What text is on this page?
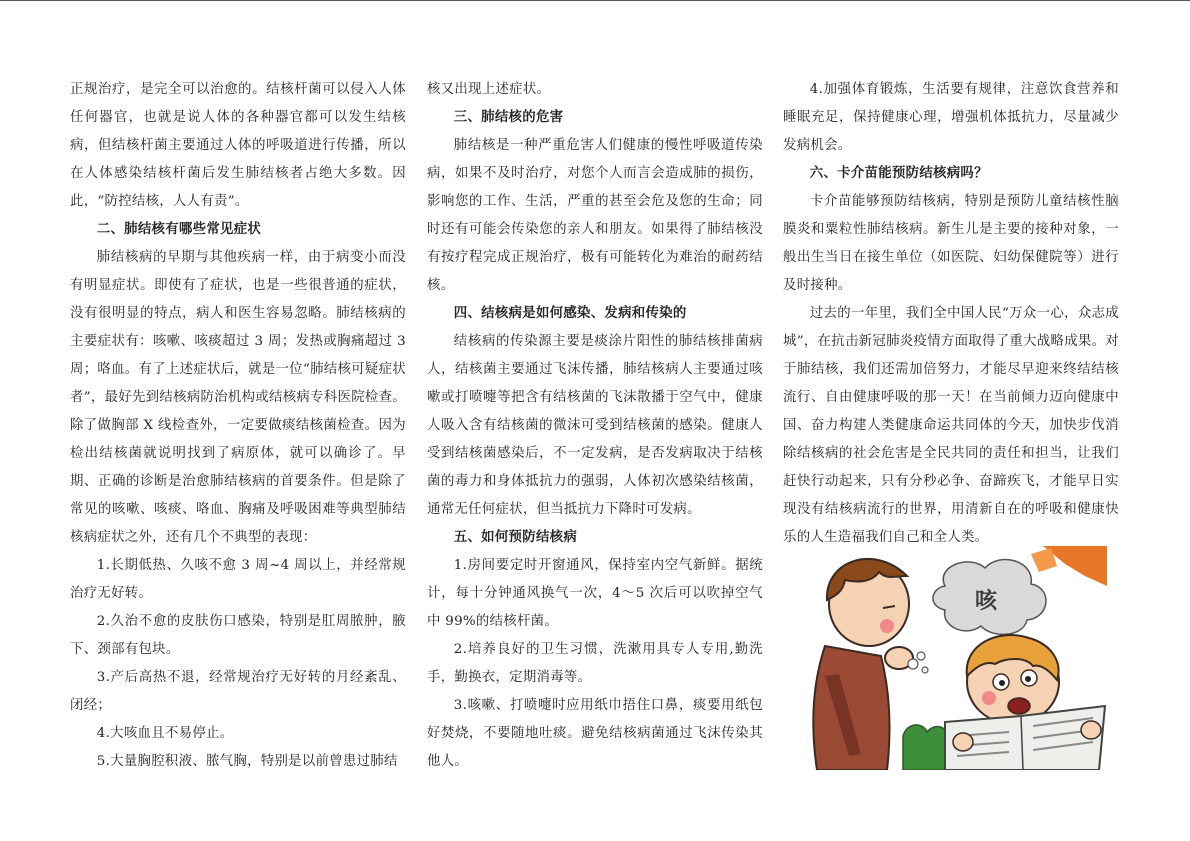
正规治疗，是完全可以治愈的。结核杆菌可以侵入人体任何器官，也就是说人体的各种器官都可以发生结核病，但结核杆菌主要通过人体的呼吸道进行传播，所以在人体感染结核杆菌后发生肺结核者占绝大多数。因此，“防控结核，人人有责”。

二、肺结核有哪些常见症状

肺结核病的早期与其他疾病一样，由于病变小而没有明显症状。即使有了症状，也是一些很普通的症状，没有很明显的特点，病人和医生容易忽略。肺结核病的主要症状有：咳嗽、咳痰超过 3 周；发热或胸痛超过 3 周；咯血。有了上述症状后，就是一位“肺结核可疑症状者”，最好先到结核病防治机构或结核病专科医院检查。除了做胸部 X 线检查外，一定要做痰结核菌检查。因为检出结核菌就说明找到了病原体，就可以确诊了。早期、正确的诊断是治愈肺结核病的首要条件。但是除了常见的咳嗽、咳痰、咯血、胸痛及呼吸困难等典型肺结核病症状之外，还有几个不典型的表现：

1.长期低热、久咳不愈 3 周~4 周以上，并经常规治疗无好转。

2.久治不愈的皮肤伤口感染，特别是肛周脓肿，腋下、颈部有包块。

3.产后高热不退，经常规治疗无好转的月经紊乱、闭经；

4.大咳血且不易停止。

5.大量胸腔积液、脓气胸，特别是以前曾患过肺结

核又出现上述症状。

三、肺结核的危害

肺结核是一种严重危害人们健康的慢性呼吸道传染病，如果不及时治疗，对您个人而言会造成肺的损伤，影响您的工作、生活，严重的甚至会危及您的生命；同时还有可能会传染您的亲人和朋友。如果得了肺结核没有按疗程完成正规治疗，极有可能转化为难治的耐药结核。

四、结核病是如何感染、发病和传染的

结核病的传染源主要是痰涂片阳性的肺结核排菌病人，结核菌主要通过飞沫传播，肺结核病人主要通过咳嗽或打喷嚏等把含有结核菌的飞沫散播于空气中，健康人吸入含有结核菌的微沫可受到结核菌的感染。健康人受到结核菌感染后，不一定发病，是否发病取决于结核菌的毒力和身体抵抗力的强弱，人体初次感染结核菌，通常无任何症状，但当抵抗力下降时可发病。

五、如何预防结核病

1.房间要定时开窗通风，保持室内空气新鲜。据统计，每十分钟通风换气一次，4～5 次后可以吹掉空气中 99%的结核杆菌。

2.培养良好的卫生习惯，洗漱用具专人专用,勤洗手，勤换衣，定期消毒等。

3.咳嗽、打喷嚏时应用纸巾捂住口鼻，痰要用纸包好焚烧，不要随地吐痰。避免结核病菌通过飞沫传染其他人。

4.加强体育锻炼，生活要有规律，注意饮食营养和睡眠充足，保持健康心理，增强机体抵抗力，尽量减少发病机会。

六、卡介苗能预防结核病吗？

卡介苗能够预防结核病，特别是预防儿童结核性脑膜炎和粟粒性肺结核病。新生儿是主要的接种对象，一般出生当日在接生单位（如医院、妇幼保健院等）进行及时接种。

过去的一年里，我们全中国人民“万众一心，众志成城”，在抗击新冠肺炎疫情方面取得了重大战略成果。对于肺结核，我们还需加倍努力，才能尽早迎来终结结核流行、自由健康呼吸的那一天！在当前倾力迈向健康中国、奋力构建人类健康命运共同体的今天，加快步伐消除结核病的社会危害是全民共同的责任和担当，让我们赶快行动起来，只有分秒必争、奋蹄疾飞，才能早日实现没有结核病流行的世界，用清新自在的呼吸和健康快乐的人生造福我们自己和全人类。

咳
